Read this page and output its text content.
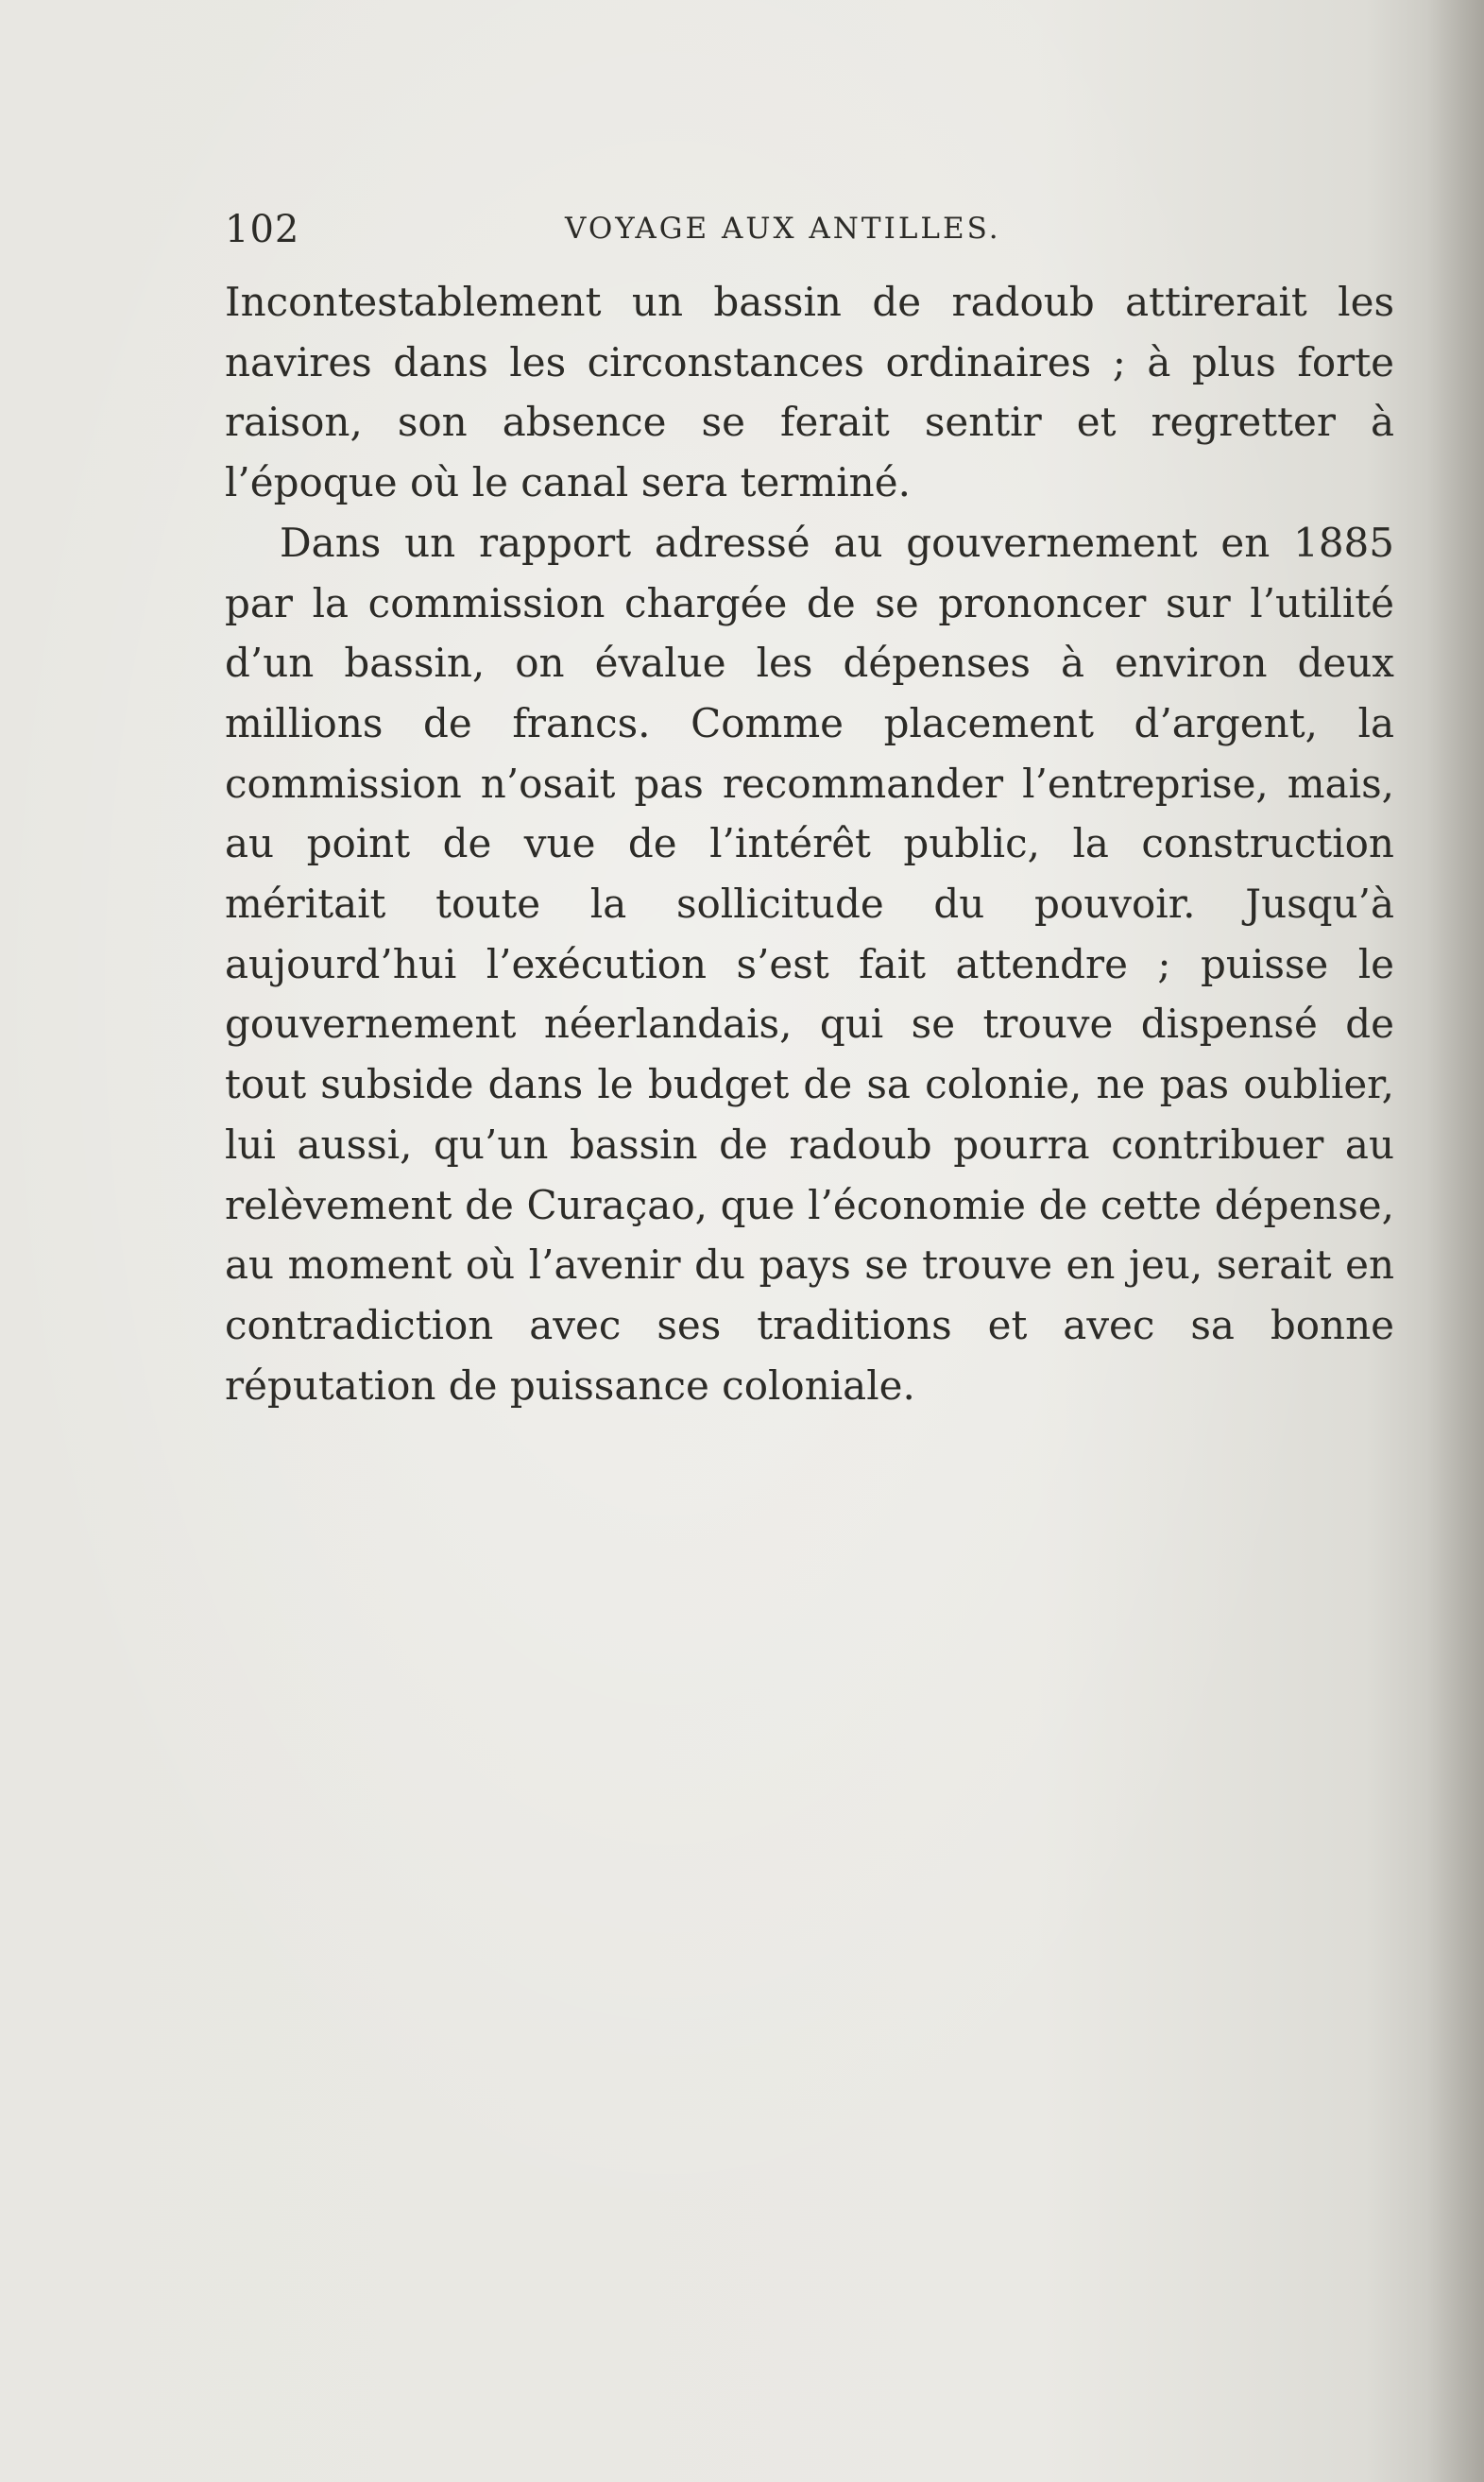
102	VOYAGE AUX ANTILLES.

Incontestablement un bassin de radoub attirerait les navires dans les circonstances ordinaires ; à plus forte raison, son absence se ferait sentir et regretter à l’époque où le canal sera terminé.

Dans un rapport adressé au gouvernement en 1885 par la commission chargée de se prononcer sur l’utilité d’un bassin, on évalue les dépenses à environ deux millions de francs. Comme placement d’argent, la commission n’osait pas recommander l’entreprise, mais, au point de vue de l’intérêt public, la construction méritait toute la sollicitude du pouvoir. Jusqu’à aujourd’hui l’exécution s’est fait attendre ; puisse le gouvernement néerlandais, qui se trouve dispensé de tout subside dans le budget de sa colonie, ne pas oublier, lui aussi, qu’un bassin de radoub pourra contribuer au relèvement de Curaçao, que l’économie de cette dépense, au moment où l’avenir du pays se trouve en jeu, serait en contradiction avec ses traditions et avec sa bonne réputation de puissance coloniale.
